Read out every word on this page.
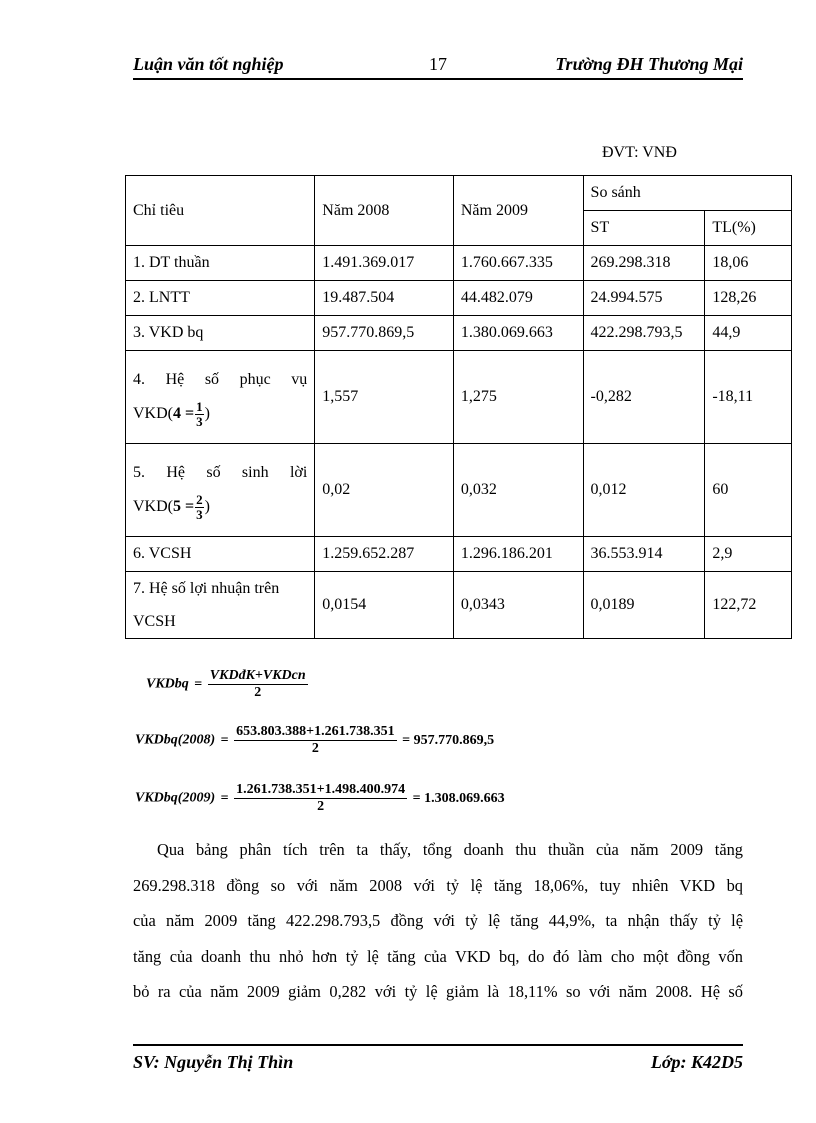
Luận văn tốt nghiệp	17	Trường ĐH Thương Mại
ĐVT: VNĐ
Chỉ tiêu	Năm 2008	Năm 2009	So sánh	
			ST	TL(%)
1. DT thuần	1.491.369.017	1.760.667.335	269.298.318	18,06
2. LNTT	19.487.504	44.482.079	24.994.575	128,26
3. VKD bq	957.770.869,5	1.380.069.663	422.298.793,5	44,9

4. Hệ số phục vụ
$VKD(4 = \frac{1}{3}$ )	1,557	1,275	-0,282	-18,11

5. Hệ số sinh lời
$VKD(5 = \frac{2}{3}$ )	0,02	0,032	0,012	60
6. VCSH	1.259.652.287	1.296.186.201	36.553.914	2,9

7. Hệ số lợi nhuận trên
VCSH	0,0154	0,0343	0,0189	122,72
VKDbq = $\frac{\text{VKDđK+VKDcn}}{2}$
VKDbq(2008) = $\frac{653.803.388+1.261.738.351}{2} = 957.770.869,5$
VKDbq(2009) = $\frac{1.261.738.351+1.498.400.974}{2} = 1.308.069.663$
Qua bảng phân tích trên ta thấy, tổng doanh thu thuần của năm 2009 tăng
269.298.318 đồng so với năm 2008 với tỷ lệ tăng 18,06%, tuy nhiên VKD bq
của năm 2009 tăng 422.298.793,5 đồng với tỷ lệ tăng 44,9%, ta nhận thấy tỷ lệ
tăng của doanh thu nhỏ hơn tỷ lệ tăng của VKD bq, do đó làm cho một đồng vốn
bỏ ra của năm 2009 giảm 0,282 với tỷ lệ giảm là 18,11% so với năm 2008. Hệ số
SV: Nguyễn Thị Thìn	Lớp: K42D5
